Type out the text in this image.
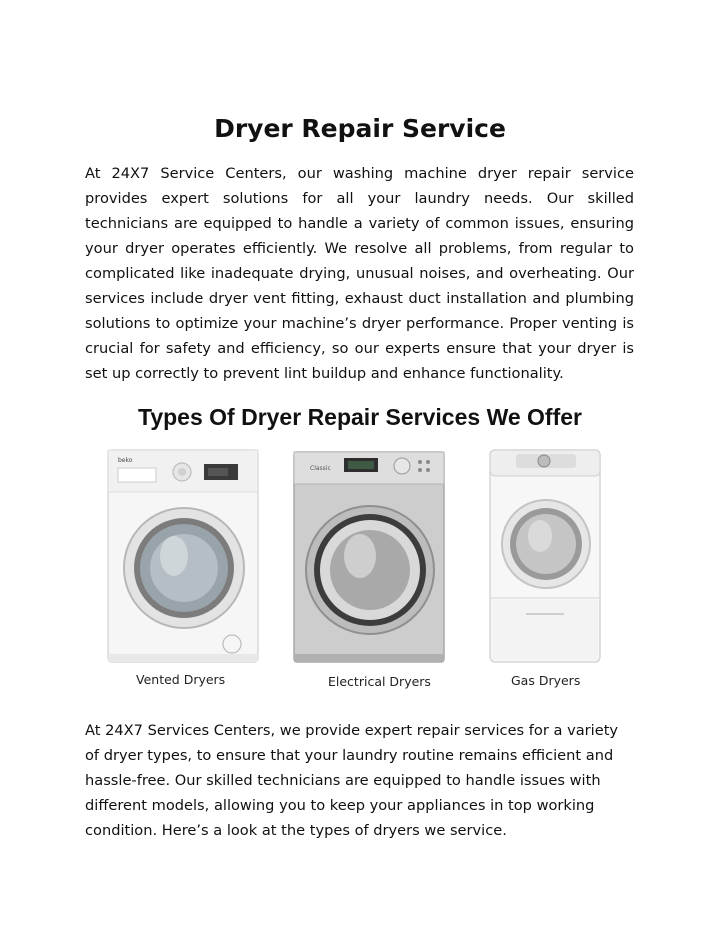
Dryer Repair Service

At 24X7 Service Centers, our washing machine dryer repair service provides expert solutions for all your laundry needs. Our skilled technicians are equipped to handle a variety of common issues, ensuring your dryer operates efficiently. We resolve all problems, from regular to complicated like inadequate drying, unusual noises, and overheating. Our services include dryer vent fitting, exhaust duct installation and plumbing solutions to optimize your machine’s dryer performance. Proper venting is crucial for safety and efficiency, so our experts ensure that your dryer is set up correctly to prevent lint buildup and enhance functionality.

Types Of Dryer Repair Services We Offer
beko
Vented Dryers
Classic
Electrical Dryers	Gas Dryers

At 24X7 Services Centers, we provide expert repair services for a variety of dryer types, to ensure that your laundry routine remains efficient and hassle-free. Our skilled technicians are equipped to handle issues with different models, allowing you to keep your appliances in top working condition. Here’s a look at the types of dryers we service.
